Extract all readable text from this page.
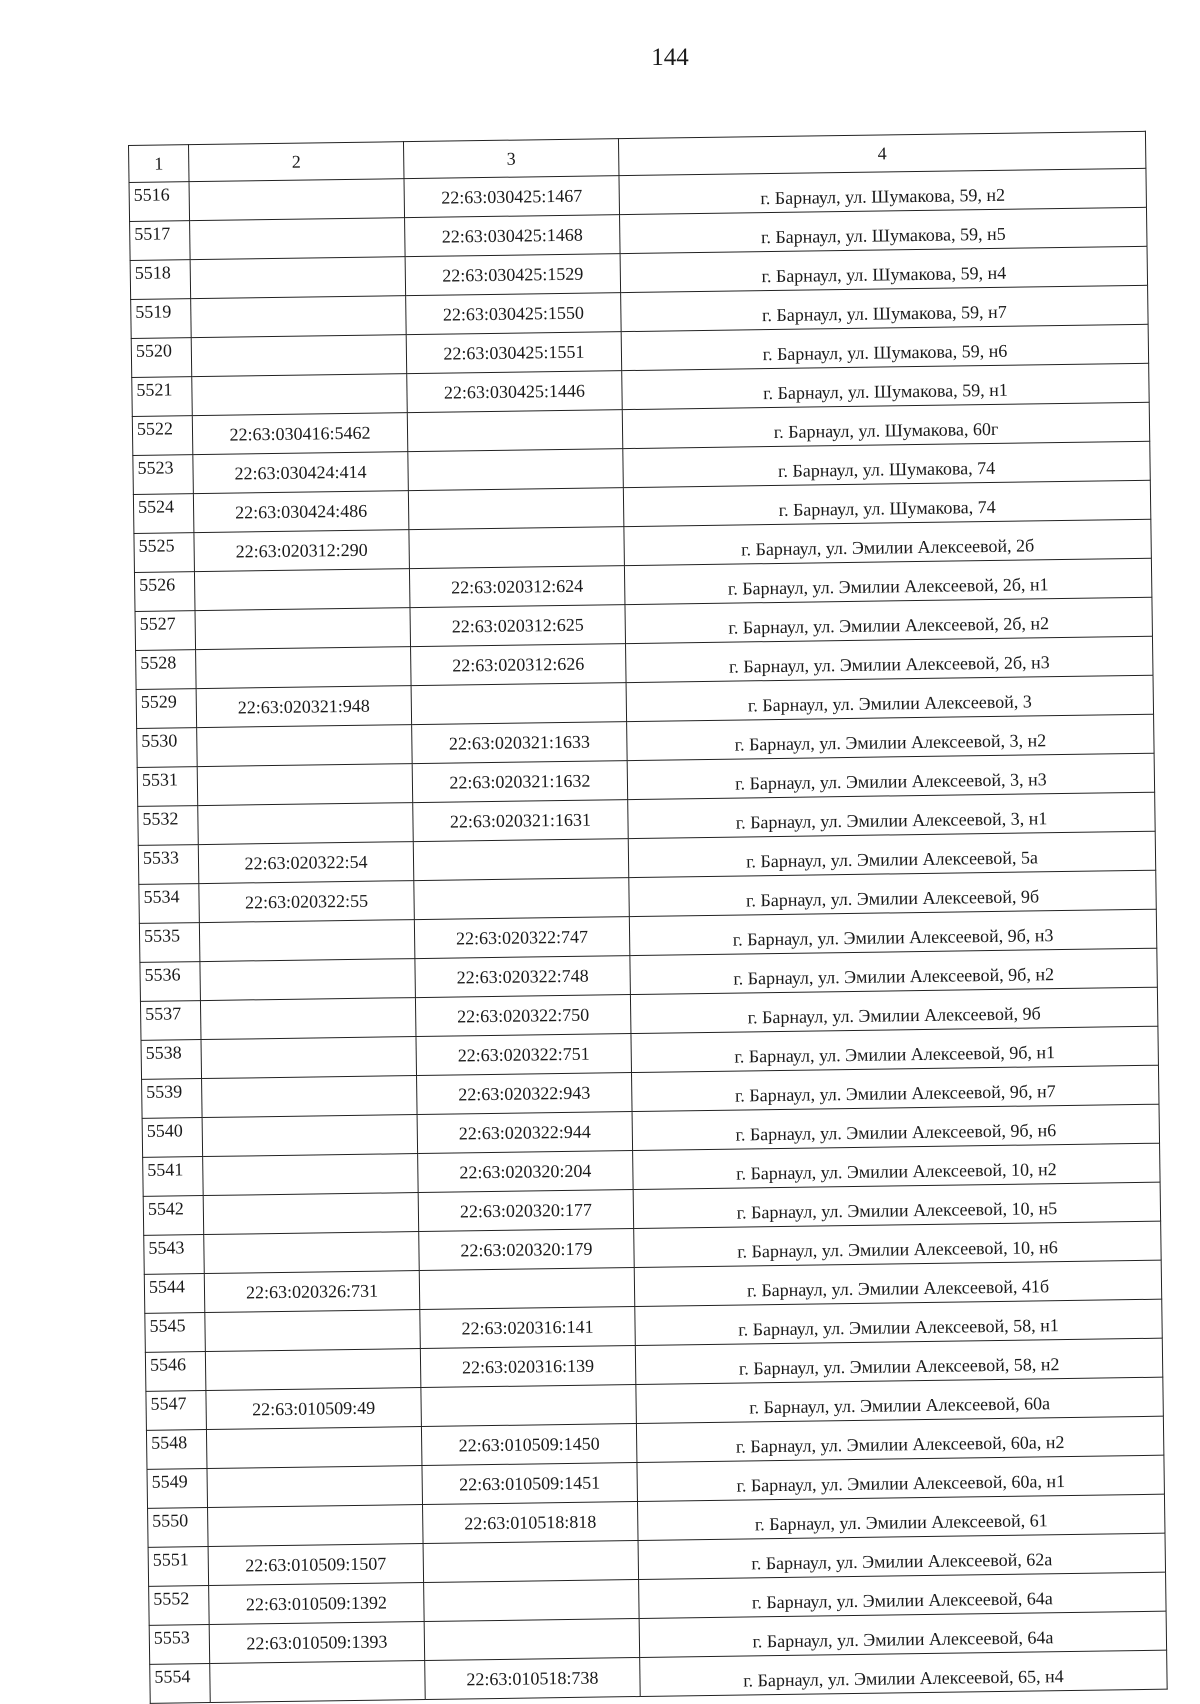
144
1	2	3	4
5516		22:63:030425:1467	г. Барнаул, ул. Шумакова, 59, н2
5517		22:63:030425:1468	г. Барнаул, ул. Шумакова, 59, н5
5518		22:63:030425:1529	г. Барнаул, ул. Шумакова, 59, н4
5519		22:63:030425:1550	г. Барнаул, ул. Шумакова, 59, н7
5520		22:63:030425:1551	г. Барнаул, ул. Шумакова, 59, н6
5521		22:63:030425:1446	г. Барнаул, ул. Шумакова, 59, н1
5522	22:63:030416:5462		г. Барнаул, ул. Шумакова, 60г
5523	22:63:030424:414		г. Барнаул, ул. Шумакова, 74
5524	22:63:030424:486		г. Барнаул, ул. Шумакова, 74
5525	22:63:020312:290		г. Барнаул, ул. Эмилии Алексеевой, 2б
5526		22:63:020312:624	г. Барнаул, ул. Эмилии Алексеевой, 2б, н1
5527		22:63:020312:625	г. Барнаул, ул. Эмилии Алексеевой, 2б, н2
5528		22:63:020312:626	г. Барнаул, ул. Эмилии Алексеевой, 2б, н3
5529	22:63:020321:948		г. Барнаул, ул. Эмилии Алексеевой, 3
5530		22:63:020321:1633	г. Барнаул, ул. Эмилии Алексеевой, 3, н2
5531		22:63:020321:1632	г. Барнаул, ул. Эмилии Алексеевой, 3, н3
5532		22:63:020321:1631	г. Барнаул, ул. Эмилии Алексеевой, 3, н1
5533	22:63:020322:54		г. Барнаул, ул. Эмилии Алексеевой, 5а
5534	22:63:020322:55		г. Барнаул, ул. Эмилии Алексеевой, 9б
5535		22:63:020322:747	г. Барнаул, ул. Эмилии Алексеевой, 9б, н3
5536		22:63:020322:748	г. Барнаул, ул. Эмилии Алексеевой, 9б, н2
5537		22:63:020322:750	г. Барнаул, ул. Эмилии Алексеевой, 9б
5538		22:63:020322:751	г. Барнаул, ул. Эмилии Алексеевой, 9б, н1
5539		22:63:020322:943	г. Барнаул, ул. Эмилии Алексеевой, 9б, н7
5540		22:63:020322:944	г. Барнаул, ул. Эмилии Алексеевой, 9б, н6
5541		22:63:020320:204	г. Барнаул, ул. Эмилии Алексеевой, 10, н2
5542		22:63:020320:177	г. Барнаул, ул. Эмилии Алексеевой, 10, н5
5543		22:63:020320:179	г. Барнаул, ул. Эмилии Алексеевой, 10, н6
5544	22:63:020326:731		г. Барнаул, ул. Эмилии Алексеевой, 41б
5545		22:63:020316:141	г. Барнаул, ул. Эмилии Алексеевой, 58, н1
5546		22:63:020316:139	г. Барнаул, ул. Эмилии Алексеевой, 58, н2
5547	22:63:010509:49		г. Барнаул, ул. Эмилии Алексеевой, 60а
5548		22:63:010509:1450	г. Барнаул, ул. Эмилии Алексеевой, 60а, н2
5549		22:63:010509:1451	г. Барнаул, ул. Эмилии Алексеевой, 60а, н1
5550		22:63:010518:818	г. Барнаул, ул. Эмилии Алексеевой, 61
5551	22:63:010509:1507		г. Барнаул, ул. Эмилии Алексеевой, 62а
5552	22:63:010509:1392		г. Барнаул, ул. Эмилии Алексеевой, 64а
5553	22:63:010509:1393		г. Барнаул, ул. Эмилии Алексеевой, 64а
5554		22:63:010518:738	г. Барнаул, ул. Эмилии Алексеевой, 65, н4
